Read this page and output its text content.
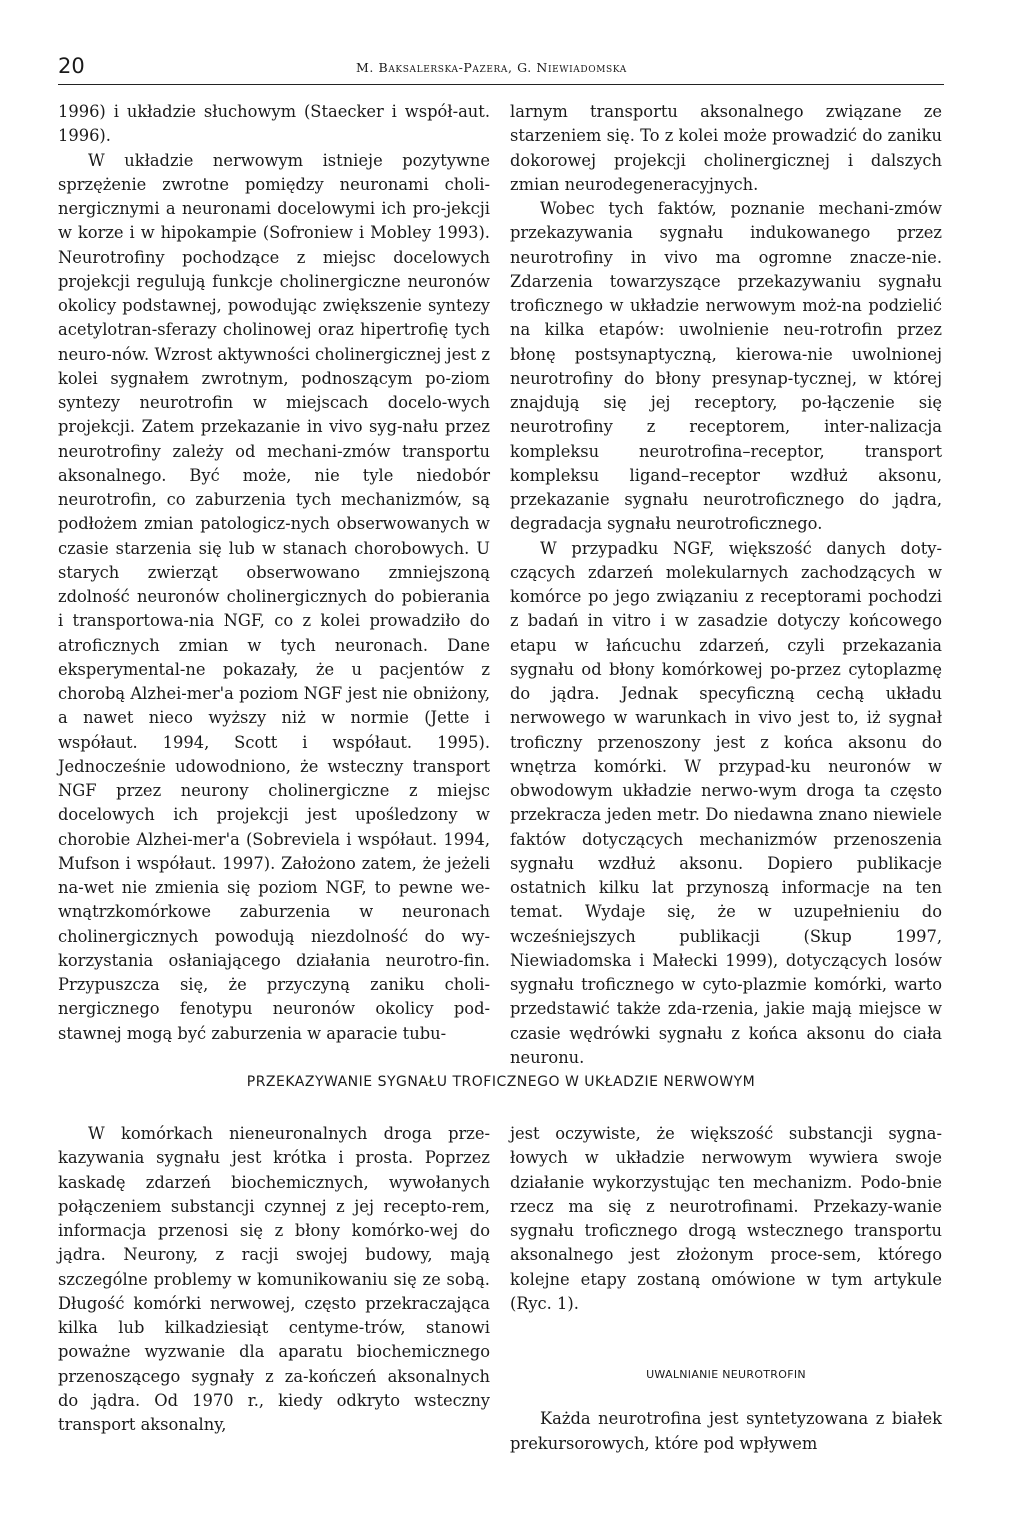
20	M. Baksalerska-Pazera, G. Niewiadomska

1996) i układzie słuchowym (Staecker i współ-aut. 1996).

W układzie nerwowym istnieje pozytywne sprzężenie zwrotne pomiędzy neuronami choli-nergicznymi a neuronami docelowymi ich pro-jekcji w korze i w hipokampie (Sofroniew i Mobley 1993). Neurotrofiny pochodzące z miejsc docelowych projekcji regulują funkcje cholinergiczne neuronów okolicy podstawnej, powodując zwiększenie syntezy acetylotran-sferazy cholinowej oraz hipertrofię tych neuro-nów. Wzrost aktywności cholinergicznej jest z kolei sygnałem zwrotnym, podnoszącym po-ziom syntezy neurotrofin w miejscach docelo-wych projekcji. Zatem przekazanie in vivo syg-nału przez neurotrofiny zależy od mechani-zmów transportu aksonalnego. Być może, nie tyle niedobór neurotrofin, co zaburzenia tych mechanizmów, są podłożem zmian patologicz-nych obserwowanych w czasie starzenia się lub w stanach chorobowych. U starych zwierząt obserwowano zmniejszoną zdolność neuronów cholinergicznych do pobierania i transportowa-nia NGF, co z kolei prowadziło do atroficznych zmian w tych neuronach. Dane eksperymental-ne pokazały, że u pacjentów z chorobą Alzhei-mer'a poziom NGF jest nie obniżony, a nawet nieco wyższy niż w normie (Jette i współaut. 1994, Scott i współaut. 1995). Jednocześnie udowodniono, że wsteczny transport NGF przez neurony cholinergiczne z miejsc docelowych ich projekcji jest upośledzony w chorobie Alzhei-mer'a (Sobreviela i współaut. 1994, Mufson i współaut. 1997). Założono zatem, że jeżeli na-wet nie zmienia się poziom NGF, to pewne we-wnątrzkomórkowe zaburzenia w neuronach cholinergicznych powodują niezdolność do wy-korzystania osłaniającego działania neurotro-fin. Przypuszcza się, że przyczyną zaniku choli-nergicznego fenotypu neuronów okolicy pod-stawnej mogą być zaburzenia w aparacie tubu-

larnym transportu aksonalnego związane ze starzeniem się. To z kolei może prowadzić do zaniku dokorowej projekcji cholinergicznej i dalszych zmian neurodegeneracyjnych.

Wobec tych faktów, poznanie mechani-zmów przekazywania sygnału indukowanego przez neurotrofiny in vivo ma ogromne znacze-nie. Zdarzenia towarzyszące przekazywaniu sygnału troficznego w układzie nerwowym moż-na podzielić na kilka etapów: uwolnienie neu-rotrofin przez błonę postsynaptyczną, kierowa-nie uwolnionej neurotrofiny do błony presynap-tycznej, w której znajdują się jej receptory, po-łączenie się neurotrofiny z receptorem, inter-nalizacja kompleksu neurotrofina–receptor, transport kompleksu ligand–receptor wzdłuż aksonu, przekazanie sygnału neurotroficznego do jądra, degradacja sygnału neurotroficznego.

W przypadku NGF, większość danych doty-czących zdarzeń molekularnych zachodzących w komórce po jego związaniu z receptorami pochodzi z badań in vitro i w zasadzie dotyczy końcowego etapu w łańcuchu zdarzeń, czyli przekazania sygnału od błony komórkowej po-przez cytoplazmę do jądra. Jednak specyficzną cechą układu nerwowego w warunkach in vivo jest to, iż sygnał troficzny przenoszony jest z końca aksonu do wnętrza komórki. W przypad-ku neuronów w obwodowym układzie nerwo-wym droga ta często przekracza jeden metr. Do niedawna znano niewiele faktów dotyczących mechanizmów przenoszenia sygnału wzdłuż aksonu. Dopiero publikacje ostatnich kilku lat przynoszą informacje na ten temat. Wydaje się, że w uzupełnieniu do wcześniejszych publikacji (Skup 1997, Niewiadomska i Małecki 1999), dotyczących losów sygnału troficznego w cyto-plazmie komórki, warto przedstawić także zda-rzenia, jakie mają miejsce w czasie wędrówki sygnału z końca aksonu do ciała neuronu.

PRZEKAZYWANIE SYGNAŁU TROFICZNEGO W UKŁADZIE NERWOWYM

W komórkach nieneuronalnych droga prze-kazywania sygnału jest krótka i prosta. Poprzez kaskadę zdarzeń biochemicznych, wywołanych połączeniem substancji czynnej z jej recepto-rem, informacja przenosi się z błony komórko-wej do jądra. Neurony, z racji swojej budowy, mają szczególne problemy w komunikowaniu się ze sobą. Długość komórki nerwowej, często przekraczająca kilka lub kilkadziesiąt centyme-trów, stanowi poważne wyzwanie dla aparatu biochemicznego przenoszącego sygnały z za-kończeń aksonalnych do jądra. Od 1970 r., kiedy odkryto wsteczny transport aksonalny,

jest oczywiste, że większość substancji sygna-łowych w układzie nerwowym wywiera swoje działanie wykorzystując ten mechanizm. Podo-bnie rzecz ma się z neurotrofinami. Przekazy-wanie sygnału troficznego drogą wstecznego transportu aksonalnego jest złożonym proce-sem, którego kolejne etapy zostaną omówione w tym artykule (Ryc. 1).

UWALNIANIE NEUROTROFIN

Każda neurotrofina jest syntetyzowana z białek prekursorowych, które pod wpływem
